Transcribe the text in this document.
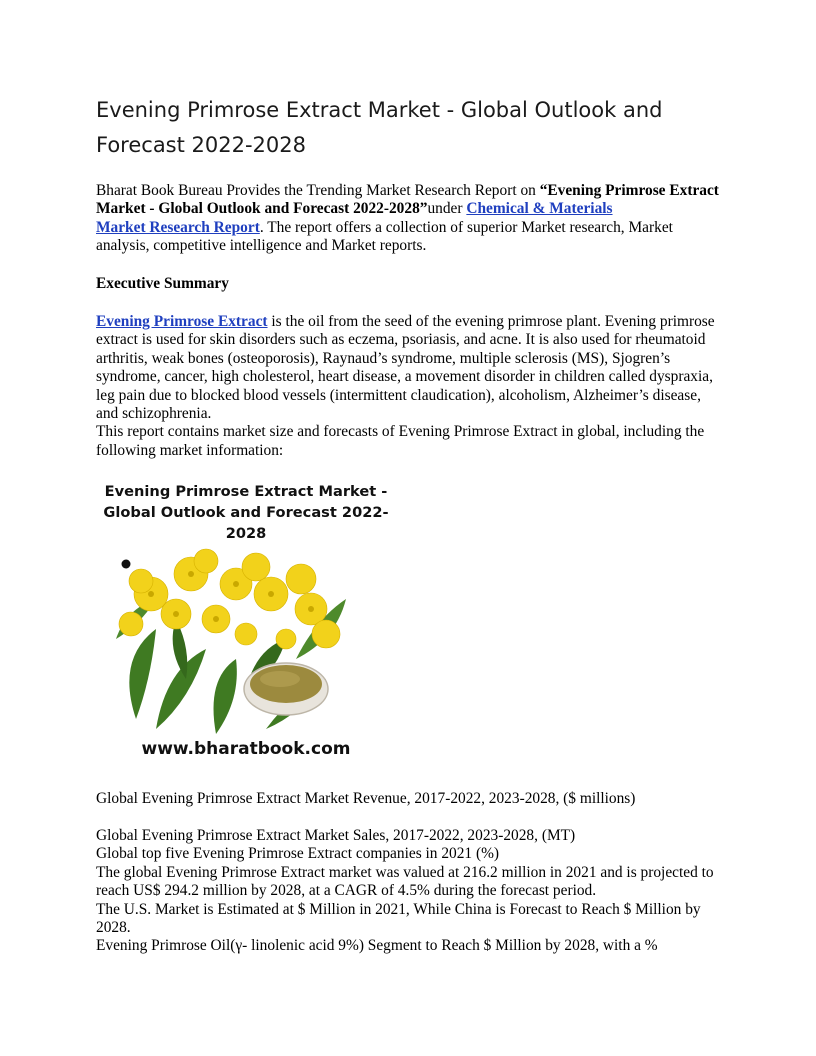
Evening Primrose Extract Market - Global Outlook and Forecast 2022-2028

Bharat Book Bureau Provides the Trending Market Research Report on “Evening Primrose Extract Market - Global Outlook and Forecast 2022-2028”under Chemical & Materials
Market Research Report. The report offers a collection of superior Market research, Market analysis, competitive intelligence and Market reports.

Executive Summary

Evening Primrose Extract is the oil from the seed of the evening primrose plant. Evening primrose extract is used for skin disorders such as eczema, psoriasis, and acne. It is also used for rheumatoid arthritis, weak bones (osteoporosis), Raynaud’s syndrome, multiple sclerosis (MS), Sjogren’s syndrome, cancer, high cholesterol, heart disease, a movement disorder in children called dyspraxia, leg pain due to blocked blood vessels (intermittent claudication), alcoholism, Alzheimer’s disease, and schizophrenia.
This report contains market size and forecasts of Evening Primrose Extract in global, including the following market information:

Evening Primrose Extract Market - Global Outlook and Forecast 2022-2028
www.bharatbook.com

Global Evening Primrose Extract Market Revenue, 2017-2022, 2023-2028, ($ millions)

Global Evening Primrose Extract Market Sales, 2017-2022, 2023-2028, (MT)
Global top five Evening Primrose Extract companies in 2021 (%)
The global Evening Primrose Extract market was valued at 216.2 million in 2021 and is projected to reach US$ 294.2 million by 2028, at a CAGR of 4.5% during the forecast period.
The U.S. Market is Estimated at $ Million in 2021, While China is Forecast to Reach $ Million by 2028.
Evening Primrose Oil(γ- linolenic acid 9%) Segment to Reach $ Million by 2028, with a %
